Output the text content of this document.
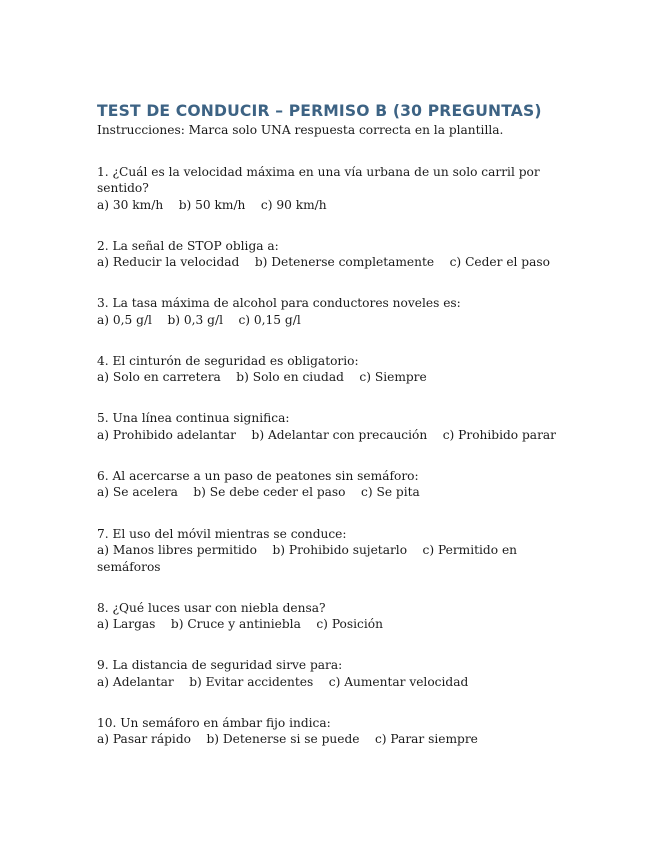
TEST DE CONDUCIR – PERMISO B (30 PREGUNTAS)
Instrucciones: Marca solo UNA respuesta correcta en la plantilla.
1. ¿Cuál es la velocidad máxima en una vía urbana de un solo carril por sentido?
a) 30 km/h b) 50 km/h c) 90 km/h
2. La señal de STOP obliga a:
a) Reducir la velocidad b) Detenerse completamente c) Ceder el paso
3. La tasa máxima de alcohol para conductores noveles es:
a) 0,5 g/l b) 0,3 g/l c) 0,15 g/l
4. El cinturón de seguridad es obligatorio:
a) Solo en carretera b) Solo en ciudad c) Siempre
5. Una línea continua significa:
a) Prohibido adelantar b) Adelantar con precaución c) Prohibido parar
6. Al acercarse a un paso de peatones sin semáforo:
a) Se acelera b) Se debe ceder el paso c) Se pita
7. El uso del móvil mientras se conduce:
a) Manos libres permitido b) Prohibido sujetarlo c) Permitido en semáforos
8. ¿Qué luces usar con niebla densa?
a) Largas b) Cruce y antiniebla c) Posición
9. La distancia de seguridad sirve para:
a) Adelantar b) Evitar accidentes c) Aumentar velocidad
10. Un semáforo en ámbar fijo indica:
a) Pasar rápido b) Detenerse si se puede c) Parar siempre
